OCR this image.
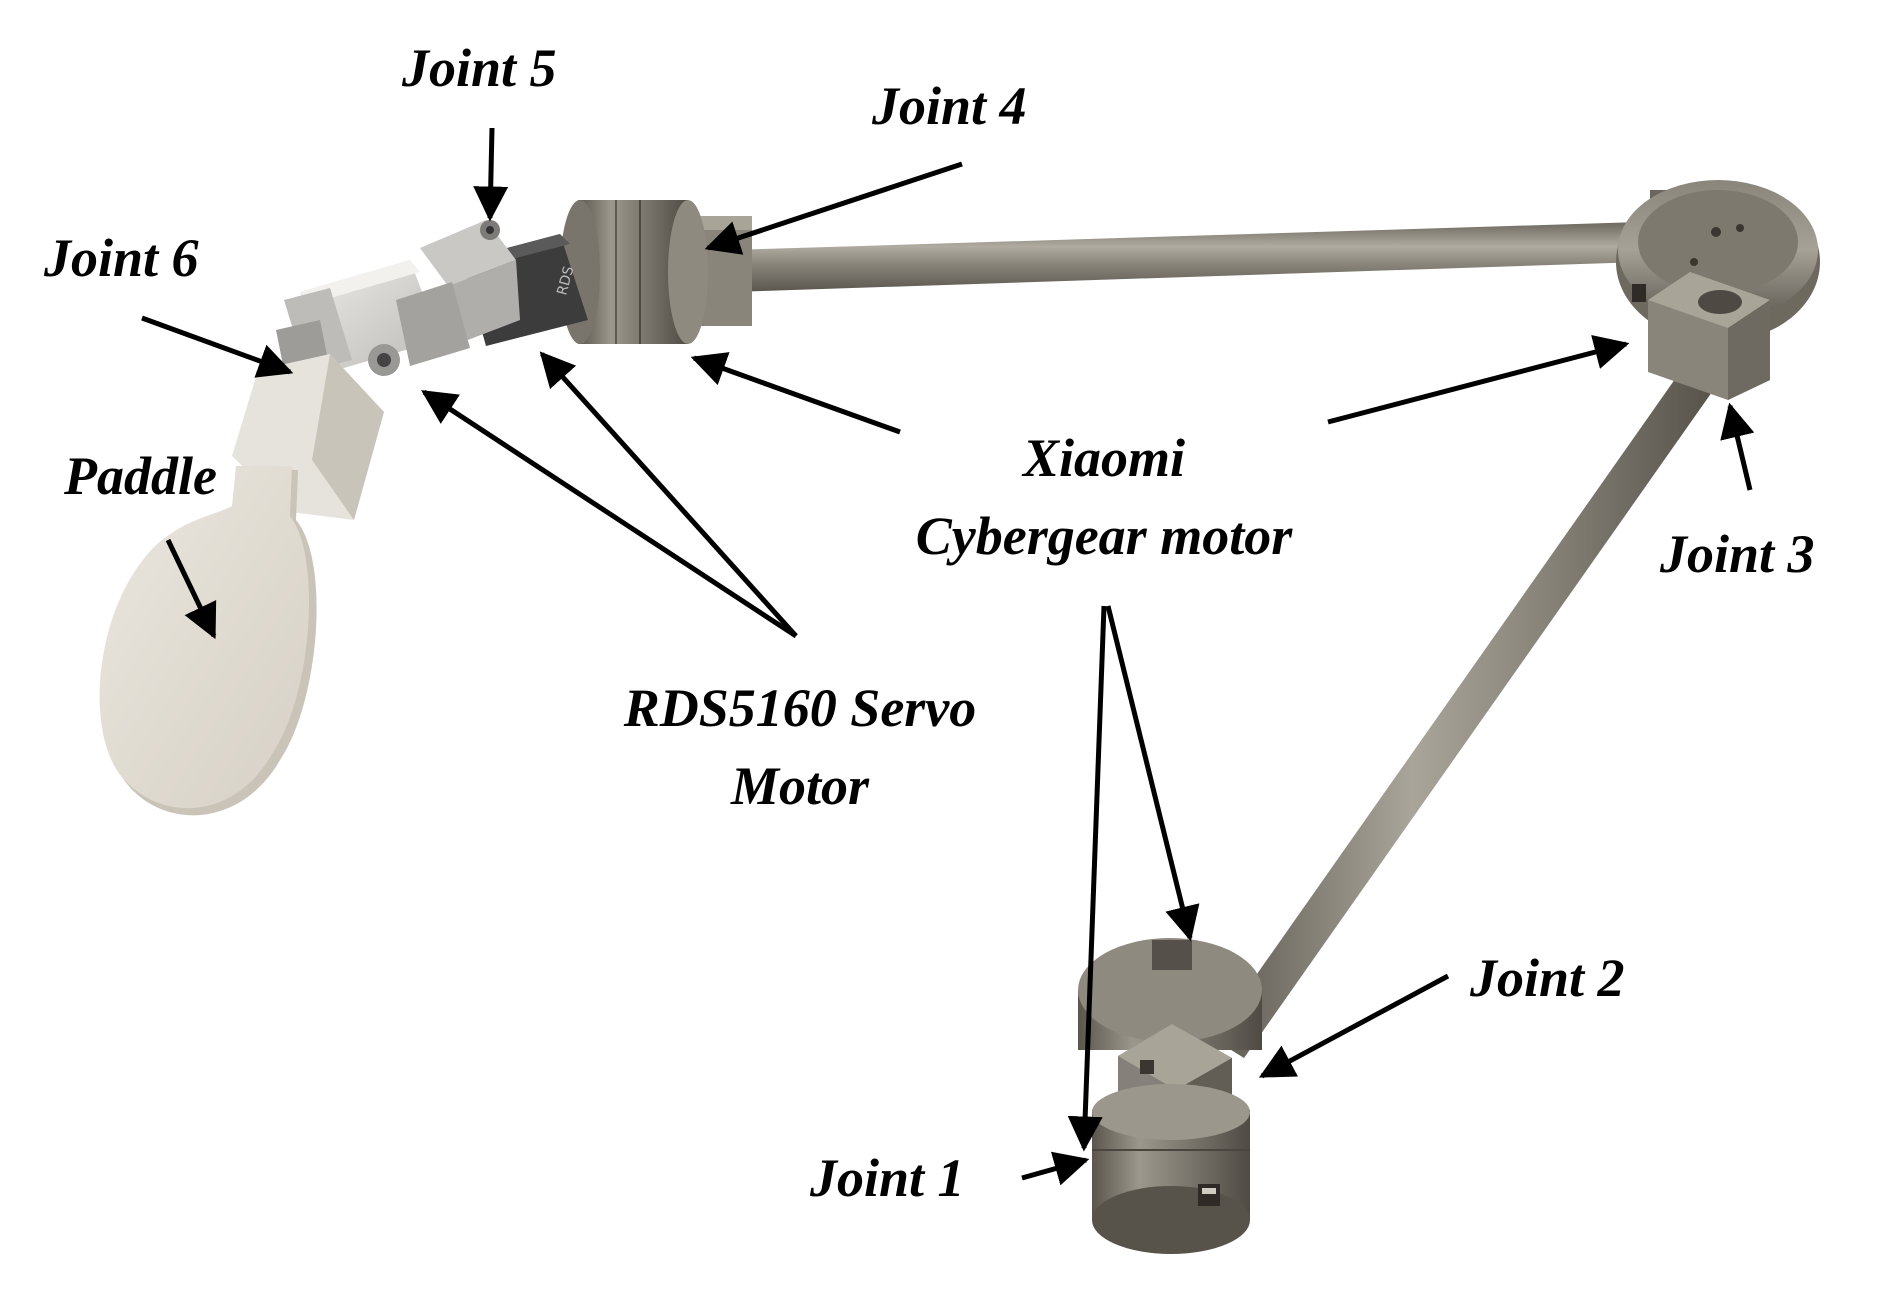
RDS
Joint 5
Joint 4
Joint 6
Paddle	Xiaomi
Cybergear motor	Joint 3
RDS5160 Servo
Motor
Joint 2
Joint 1
